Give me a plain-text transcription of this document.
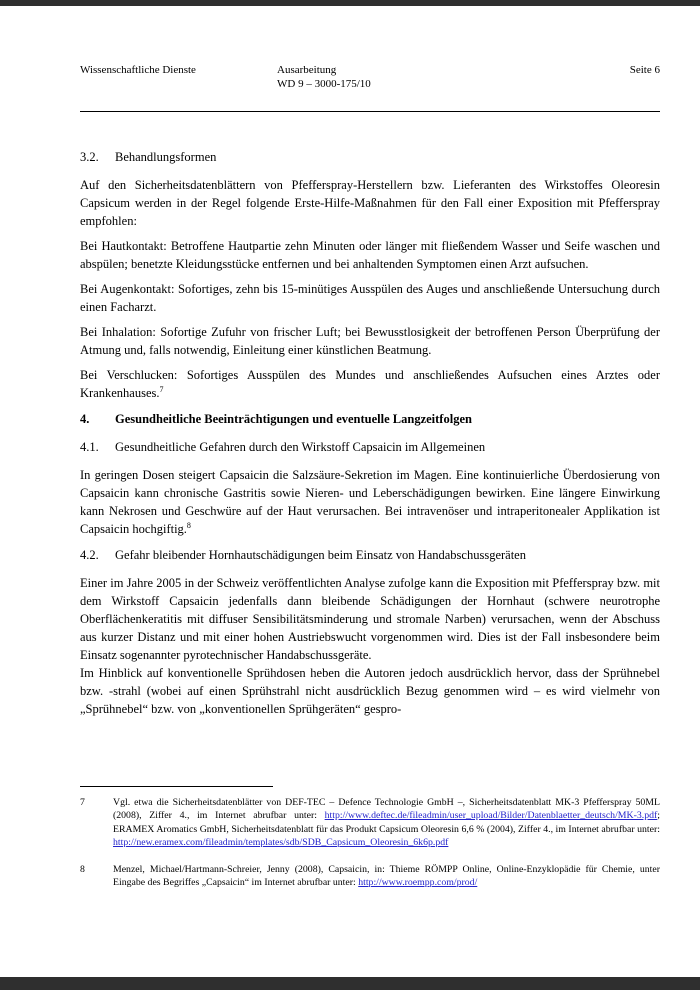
Wissenschaftliche Dienste	Ausarbeitung
WD 9 – 3000-175/10
Seite 6
3.2. Behandlungsformen

Auf den Sicherheitsdatenblättern von Pfefferspray-Herstellern bzw. Lieferanten des Wirkstoffes Oleoresin Capsicum werden in der Regel folgende Erste-Hilfe-Maßnahmen für den Fall einer Exposition mit Pfefferspray empfohlen:

Bei Hautkontakt: Betroffene Hautpartie zehn Minuten oder länger mit fließendem Wasser und Seife waschen und abspülen; benetzte Kleidungsstücke entfernen und bei anhaltenden Symptomen einen Arzt aufsuchen.

Bei Augenkontakt: Sofortiges, zehn bis 15-minütiges Ausspülen des Auges und anschließende Untersuchung durch einen Facharzt.

Bei Inhalation: Sofortige Zufuhr von frischer Luft; bei Bewusstlosigkeit der betroffenen Person Überprüfung der Atmung und, falls notwendig, Einleitung einer künstlichen Beatmung.

Bei Verschlucken: Sofortiges Ausspülen des Mundes und anschließendes Aufsuchen eines Arztes oder Krankenhauses.$^7$

4. Gesundheitliche Beeinträchtigungen und eventuelle Langzeitfolgen
4.1. Gesundheitliche Gefahren durch den Wirkstoff Capsaicin im Allgemeinen

In geringen Dosen steigert Capsaicin die Salzsäure-Sekretion im Magen. Eine kontinuierliche Überdosierung von Capsaicin kann chronische Gastritis sowie Nieren- und Leberschädigungen bewirken. Eine längere Einwirkung kann Nekrosen und Geschwüre auf der Haut verursachen. Bei intravenöser und intraperitonealer Applikation ist Capsaicin hochgiftig.$^8$

4.2. Gefahr bleibender Hornhautschädigungen beim Einsatz von Handabschussgeräten

Einer im Jahre 2005 in der Schweiz veröffentlichten Analyse zufolge kann die Exposition mit Pfefferspray bzw. mit dem Wirkstoff Capsaicin jedenfalls dann bleibende Schädigungen der Hornhaut (schwere neurotrophe Oberflächenkeratitis mit diffuser Sensibilitätsminderung und stromale Narben) verursachen, wenn der Abschuss aus kurzer Distanz und mit einer hohen Austriebswucht vorgenommen wird. Dies ist der Fall insbesondere beim Einsatz sogenannter pyrotechnischer Handabschussgeräte.

Im Hinblick auf konventionelle Sprühdosen heben die Autoren jedoch ausdrücklich hervor, dass der Sprühnebel bzw. -strahl (wobei auf einen Sprühstrahl nicht ausdrücklich Bezug genommen wird – es wird vielmehr von „Sprühnebel“ bzw. von „konventionellen Sprühgeräten“ gespro-

7	Vgl. etwa die Sicherheitsdatenblätter von DEF-TEC – Defence Technologie GmbH –, Sicherheitsdatenblatt MK-3 Pfefferspray 50ML (2008), Ziffer 4., im Internet abrufbar unter: http://www.deftec.de/fileadmin/user_upload/Bilder/Datenblaetter_deutsch/MK-3.pdf; ERAMEX Aromatics GmbH, Sicherheitsdatenblatt für das Produkt Capsicum Oleoresin 6,6 % (2004), Ziffer 4., im Internet abrufbar unter: http://new.eramex.com/fileadmin/templates/sdb/SDB_Capsicum_Oleoresin_6k6p.pdf
8	Menzel, Michael/Hartmann-Schreier, Jenny (2008), Capsaicin, in: Thieme RÖMPP Online, Online-Enzyklopädie für Chemie, unter Eingabe des Begriffes „Capsaicin“ im Internet abrufbar unter: http://www.roempp.com/prod/
